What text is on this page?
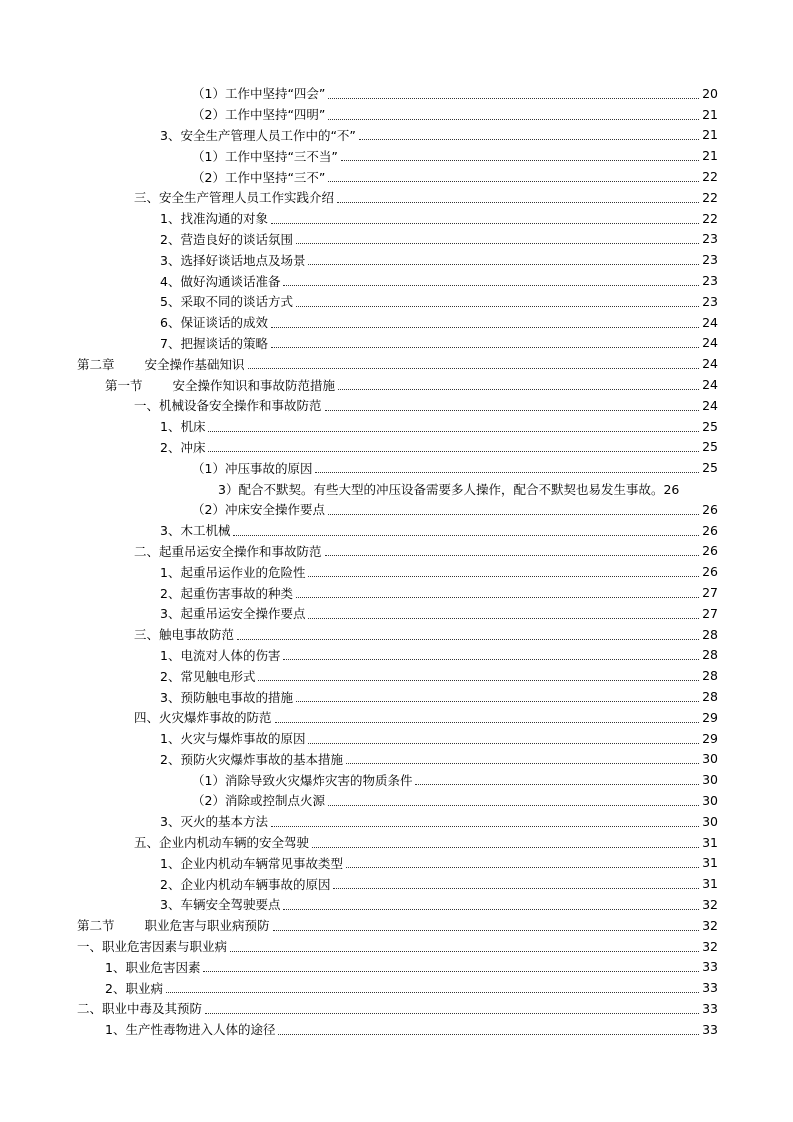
（1）工作中坚持“四会”	20
（2）工作中坚持“四明”	21
3、安全生产管理人员工作中的“不”	21
（1）工作中坚持“三不当”	21
（2）工作中坚持“三不”	22
三、安全生产管理人员工作实践介绍	22
1、找准沟通的对象	22
2、营造良好的谈话氛围	23
3、选择好谈话地点及场景	23
4、做好沟通谈话准备	23
5、采取不同的谈话方式	23
6、保证谈话的成效	24
7、把握谈话的策略	24
第二章 安全操作基础知识	24
第一节 安全操作知识和事故防范措施	24
一、机械设备安全操作和事故防范	24
1、机床	25
2、冲床	25
（1）冲压事故的原因	25
3）配合不默契。有些大型的冲压设备需要多人操作，配合不默契也易发生事故。26
（2）冲床安全操作要点	26
3、木工机械	26
二、起重吊运安全操作和事故防范	26
1、起重吊运作业的危险性	26
2、起重伤害事故的种类	27
3、起重吊运安全操作要点	27
三、触电事故防范	28
1、电流对人体的伤害	28
2、常见触电形式	28
3、预防触电事故的措施	28
四、火灾爆炸事故的防范	29
1、火灾与爆炸事故的原因	29
2、预防火灾爆炸事故的基本措施	30
（1）消除导致火灾爆炸灾害的物质条件	30
（2）消除或控制点火源	30
3、灭火的基本方法	30
五、企业内机动车辆的安全驾驶	31
1、企业内机动车辆常见事故类型	31
2、企业内机动车辆事故的原因	31
3、车辆安全驾驶要点	32
第二节 职业危害与职业病预防	32
一、职业危害因素与职业病	32
1、职业危害因素	33
2、职业病	33
二、职业中毒及其预防	33
1、生产性毒物进入人体的途径	33
